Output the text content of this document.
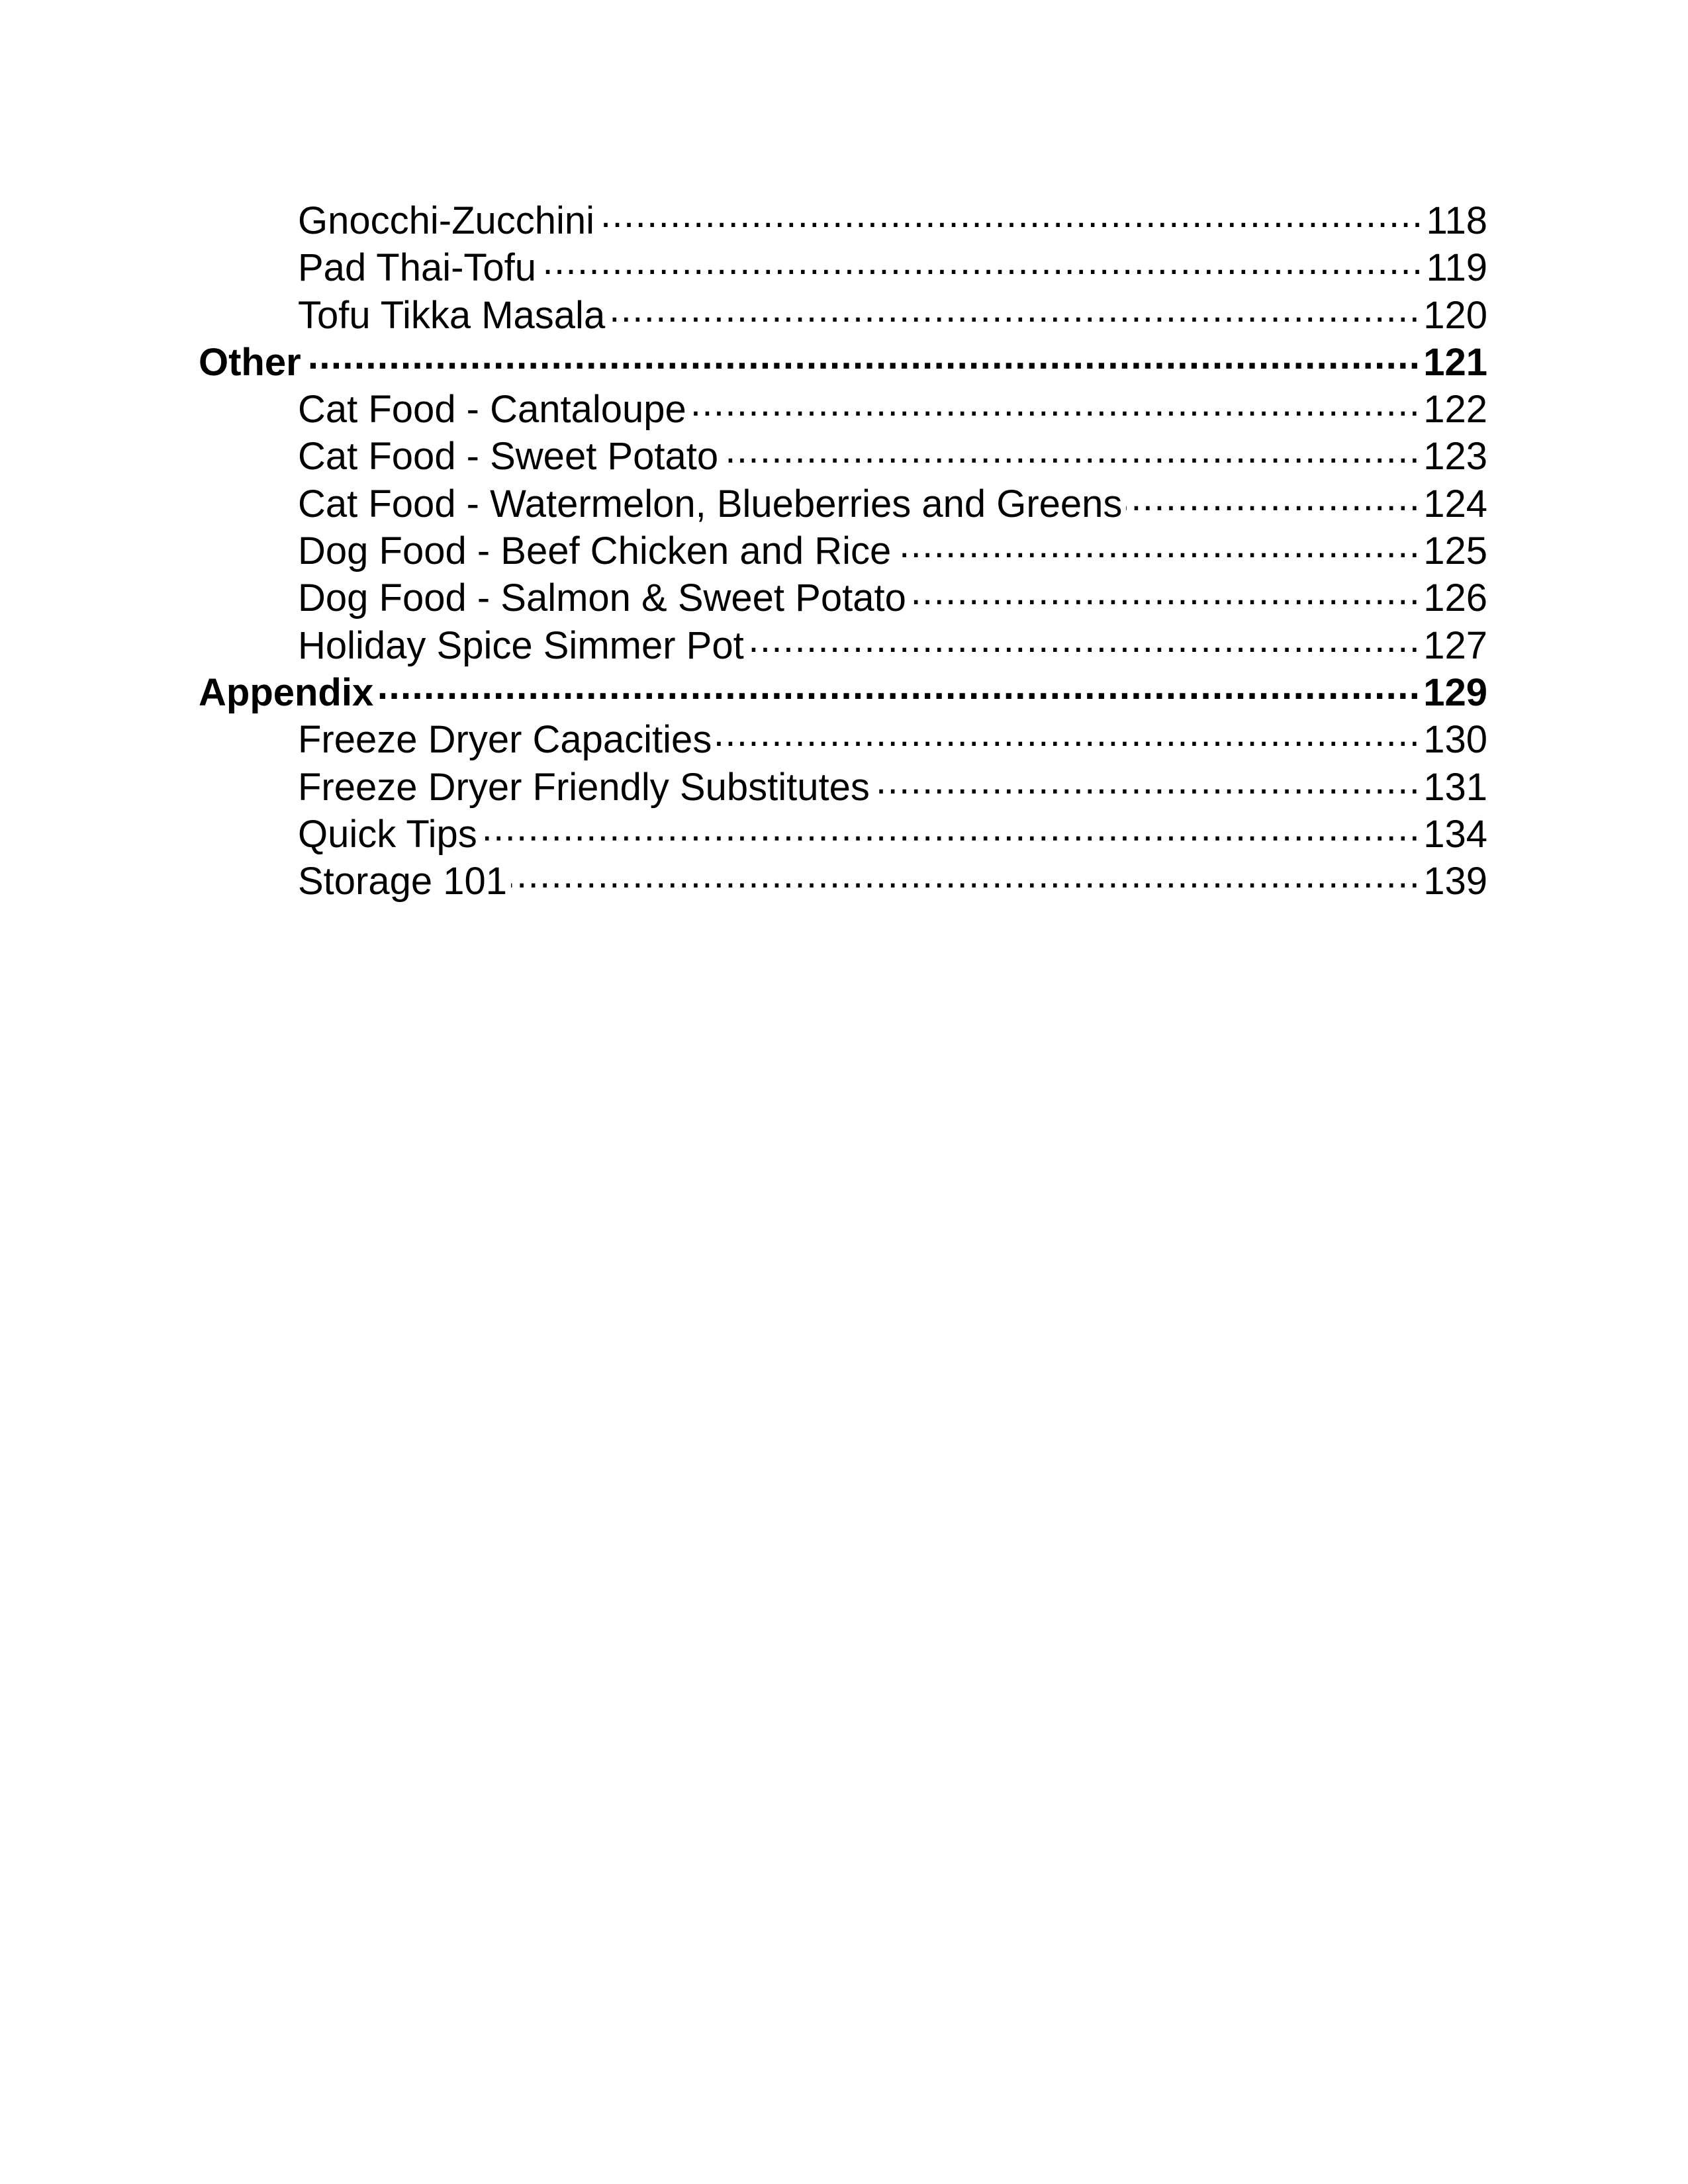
Gnocchi-Zucchini .....	118
Pad Thai-Tofu .....	119
Tofu Tikka Masala .....	120
Other .....	121
Cat Food - Cantaloupe .....	122
Cat Food - Sweet Potato .....	123
Cat Food - Watermelon, Blueberries and Greens .....	124
Dog Food - Beef Chicken and Rice .....	125
Dog Food - Salmon & Sweet Potato .....	126
Holiday Spice Simmer Pot .....	127
Appendix .....	129
Freeze Dryer Capacities .....	130
Freeze Dryer Friendly Substitutes .....	131
Quick Tips .....	134
Storage 101 .....	139
